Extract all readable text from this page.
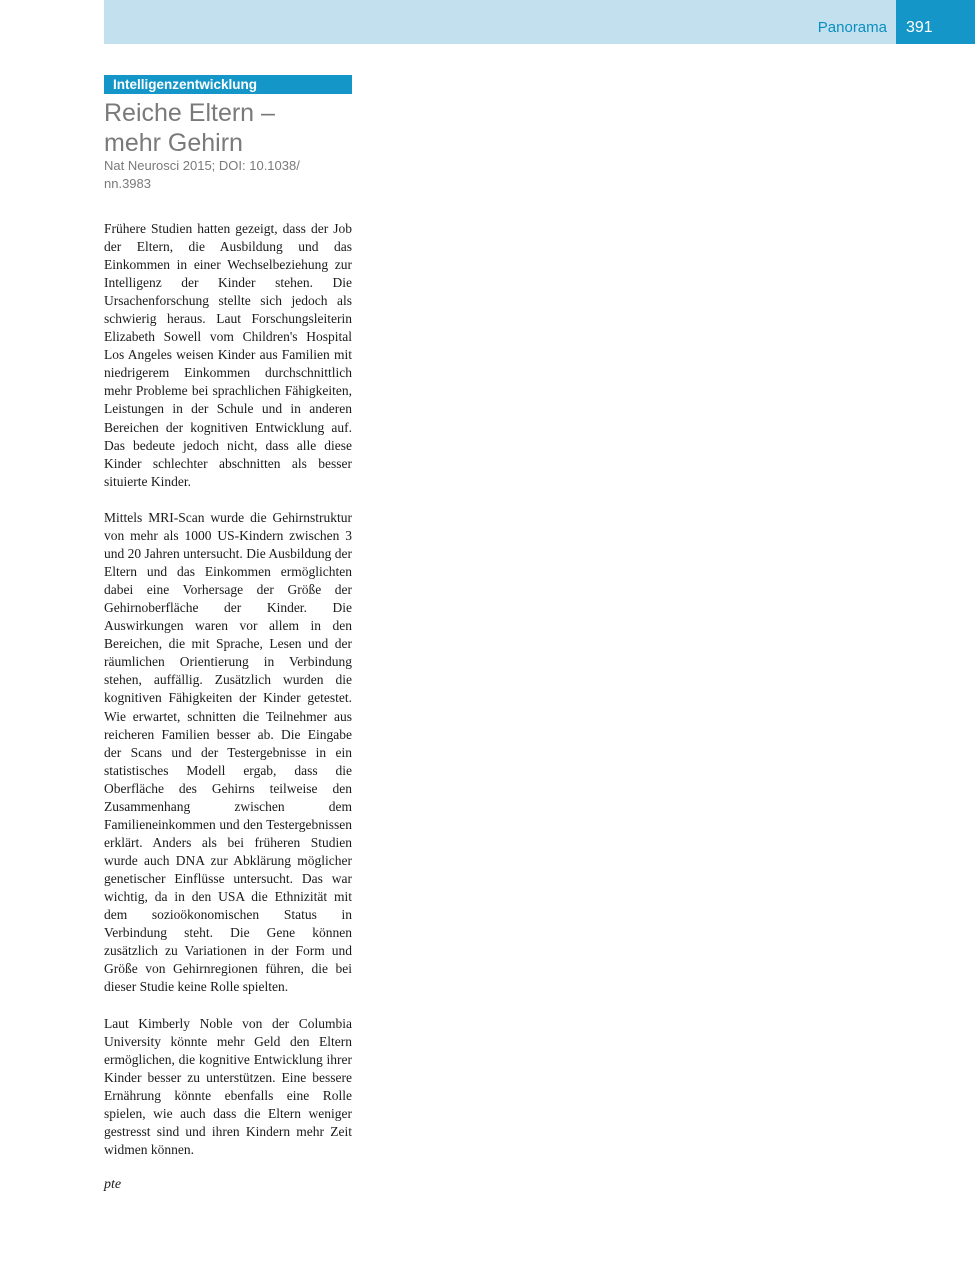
Panorama	391
Intelligenzentwicklung
Reiche Eltern –
mehr Gehirn
Nat Neurosci 2015; DOI: 10.1038/
nn.3983

Frühere Studien hatten gezeigt, dass der Job der Eltern, die Ausbildung und das Einkommen in einer Wechselbeziehung zur Intelligenz der Kinder stehen. Die Ursachenforschung stellte sich jedoch als schwierig heraus. Laut Forschungsleiterin Elizabeth Sowell vom Children's Hospital Los Angeles weisen Kinder aus Familien mit niedrigerem Einkommen durchschnittlich mehr Probleme bei sprachlichen Fähigkeiten, Leistungen in der Schule und in anderen Bereichen der kognitiven Entwicklung auf. Das bedeute jedoch nicht, dass alle diese Kinder schlechter abschnitten als besser situierte Kinder.

Mittels MRI-Scan wurde die Gehirnstruktur von mehr als 1000 US-Kindern zwischen 3 und 20 Jahren untersucht. Die Ausbildung der Eltern und das Einkommen ermöglichten dabei eine Vorhersage der Größe der Gehirnoberfläche der Kinder. Die Auswirkungen waren vor allem in den Bereichen, die mit Sprache, Lesen und der räumlichen Orientierung in Verbindung stehen, auffällig. Zusätzlich wurden die kognitiven Fähigkeiten der Kinder getestet. Wie erwartet, schnitten die Teilnehmer aus reicheren Familien besser ab. Die Eingabe der Scans und der Testergebnisse in ein statistisches Modell ergab, dass die Oberfläche des Gehirns teilweise den Zusammenhang zwischen dem Familieneinkommen und den Testergebnissen erklärt. Anders als bei früheren Studien wurde auch DNA zur Abklärung möglicher genetischer Einflüsse untersucht. Das war wichtig, da in den USA die Ethnizität mit dem sozioökonomischen Status in Verbindung steht. Die Gene können zusätzlich zu Variationen in der Form und Größe von Gehirnregionen führen, die bei dieser Studie keine Rolle spielten.

Laut Kimberly Noble von der Columbia University könnte mehr Geld den Eltern ermöglichen, die kognitive Entwicklung ihrer Kinder besser zu unterstützen. Eine bessere Ernährung könnte ebenfalls eine Rolle spielen, wie auch dass die Eltern weniger gestresst sind und ihren Kindern mehr Zeit widmen können.

pte
